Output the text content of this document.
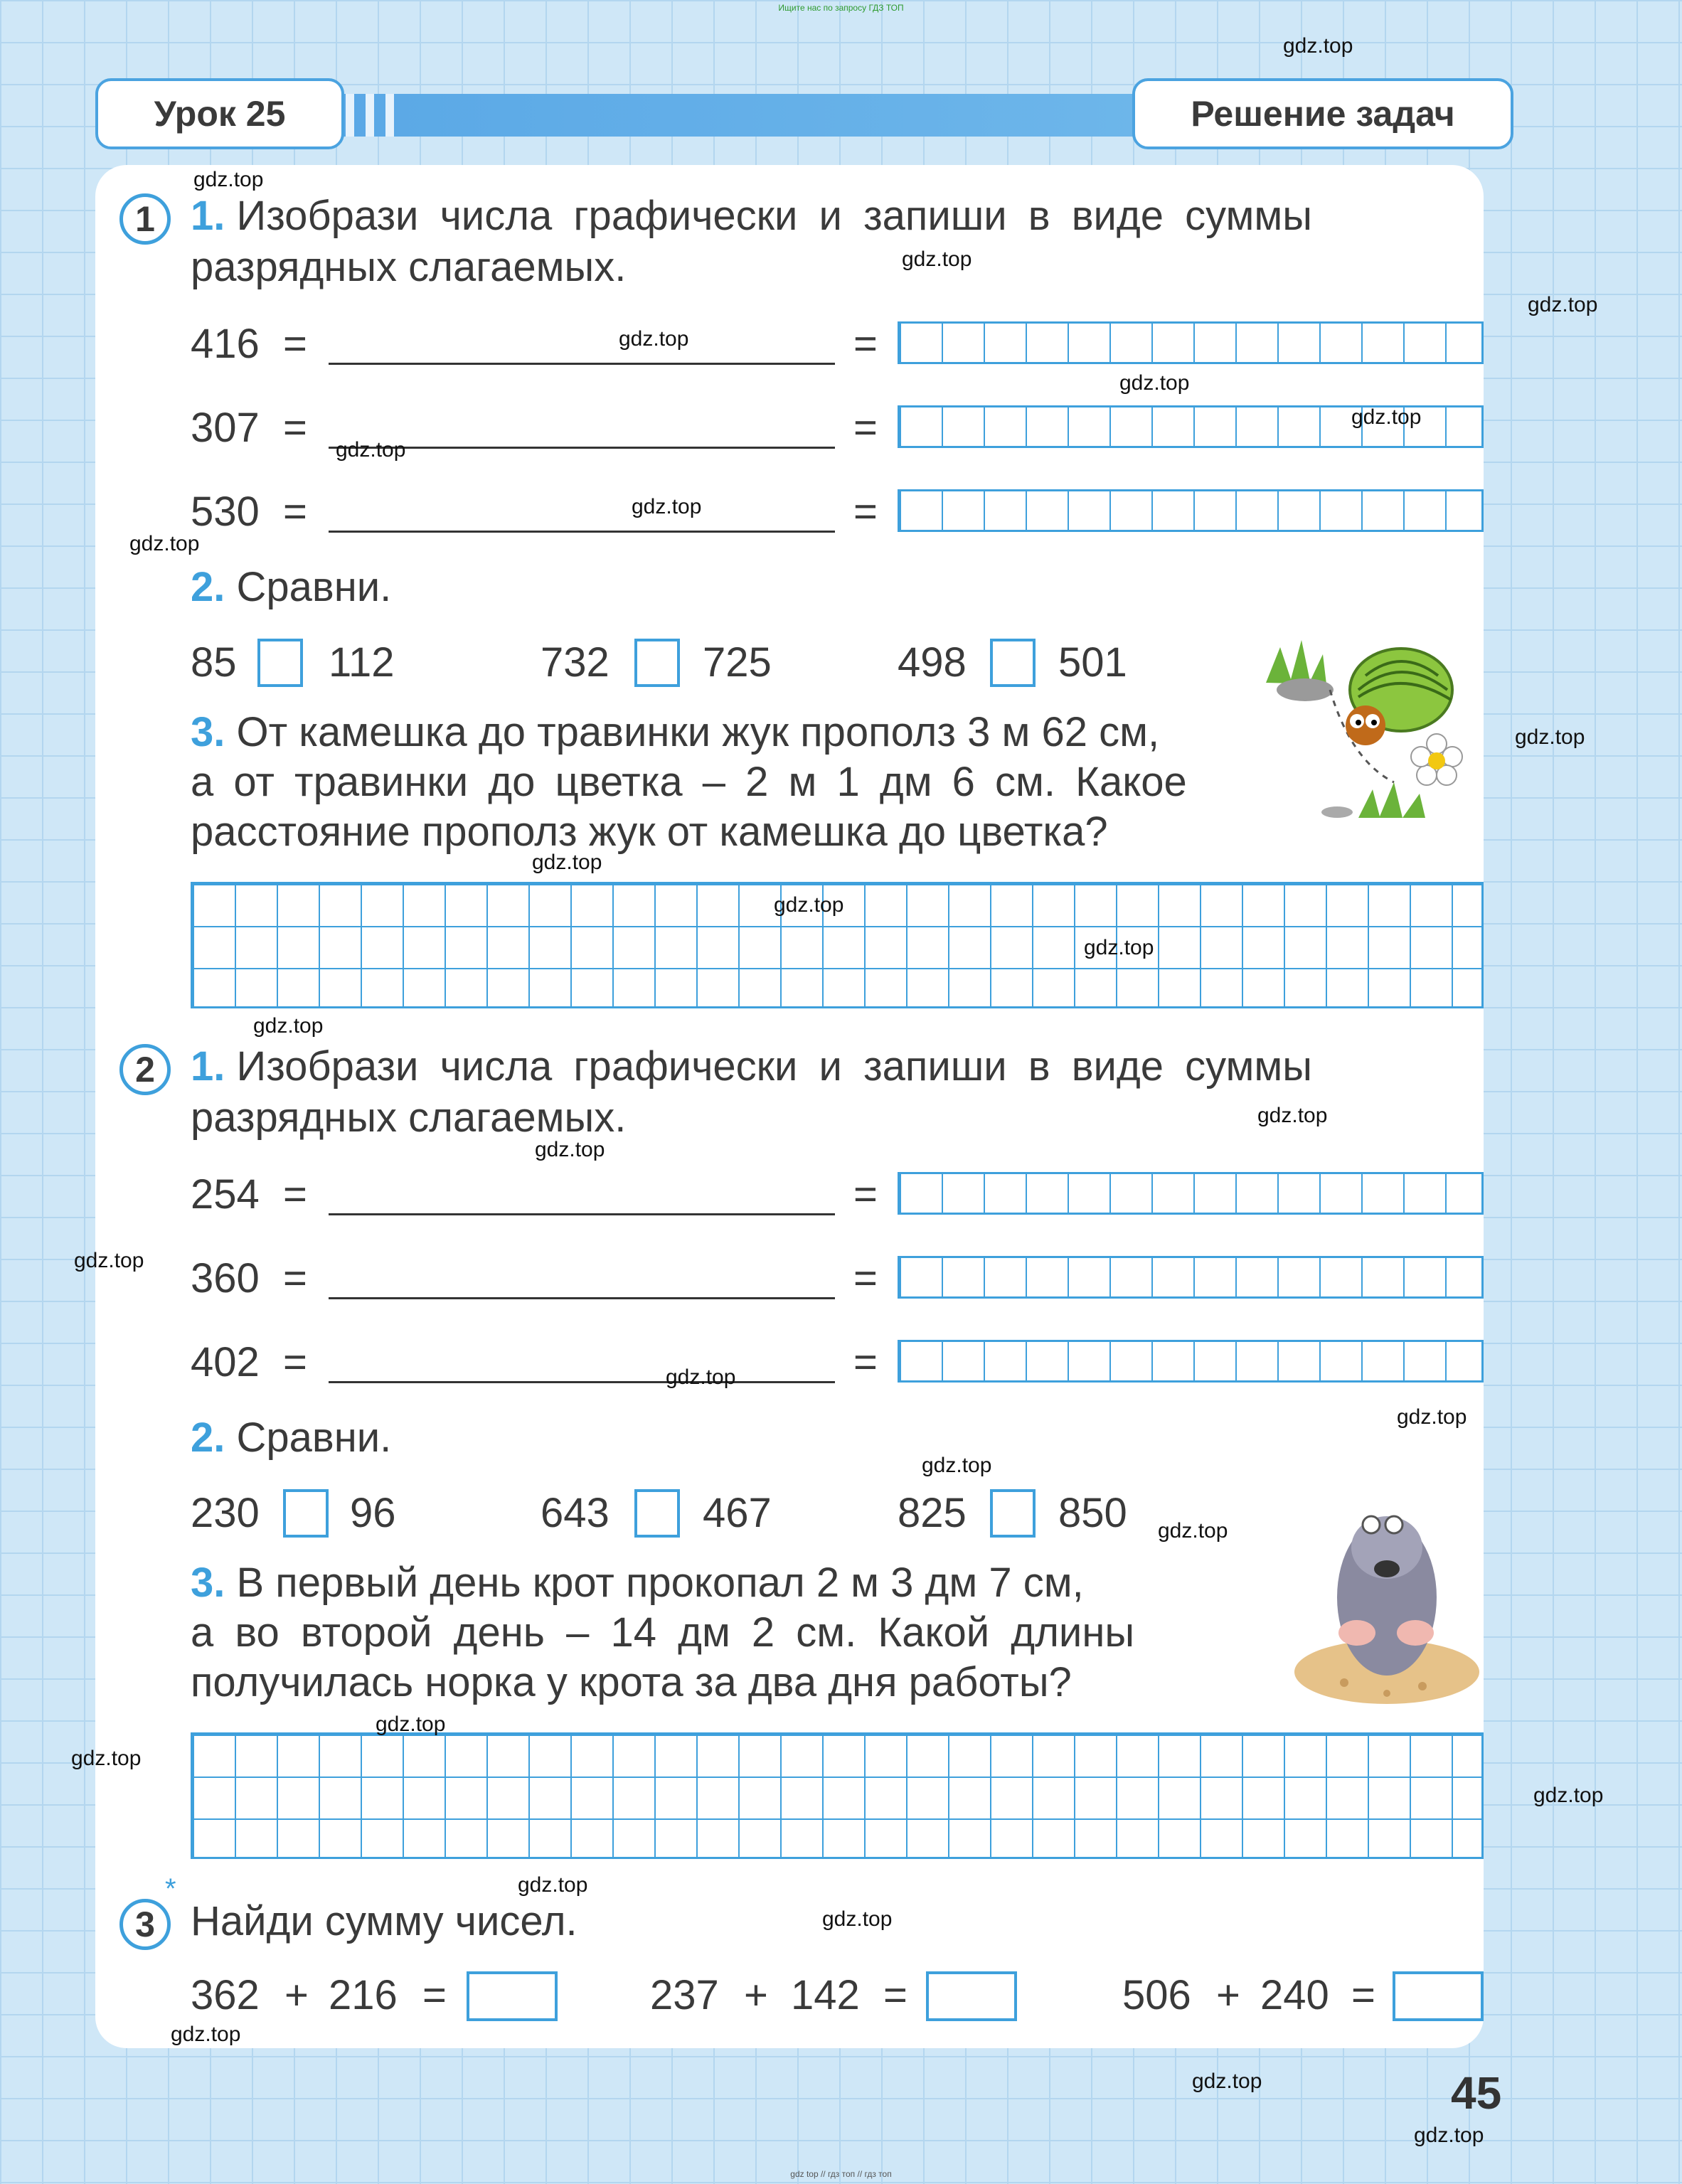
Ищите нас по запросу ГДЗ ТОП
Урок 25	Решение задач
1 1. Изобрази числа графически и запиши в виде суммы
разрядных слагаемых.
416 =	=
307 =	=
530 =	=
2. Сравни.
85 112	732 725	498 501
3. От камешка до травинки жук прополз 3 м 62 см,
а от травинки до цветка – 2 м 1 дм 6 см. Какое
расстояние прополз жук от камешка до цветка?
2 1. Изобрази числа графически и запиши в виде суммы
разрядных слагаемых.
254 =	=
360 =	=
402 =	=
2. Сравни.
230 96	643 467	825 850
3. В первый день крот прокопал 2 м 3 дм 7 см,
а во второй день – 14 дм 2 см. Какой длины
получилась норка у крота за два дня работы?
*
3 Найди сумму чисел.
362 + 216 =	237 + 142 =	506 + 240 =
45
gdz.top
gdz.top
gdz.top
gdz.top
gdz.top
gdz.top
gdz.top
gdz.top
gdz.top
gdz.top
gdz.top
gdz.top
gdz.top
gdz.top
gdz.top
gdz.top
gdz.top
gdz.top
gdz.top
gdz.top
gdz.top
gdz.top
gdz.top
gdz.top
gdz.top
gdz.top
gdz.top
gdz.top
gdz.top
gdz.top
gdz top // гдз топ // гдз топ
